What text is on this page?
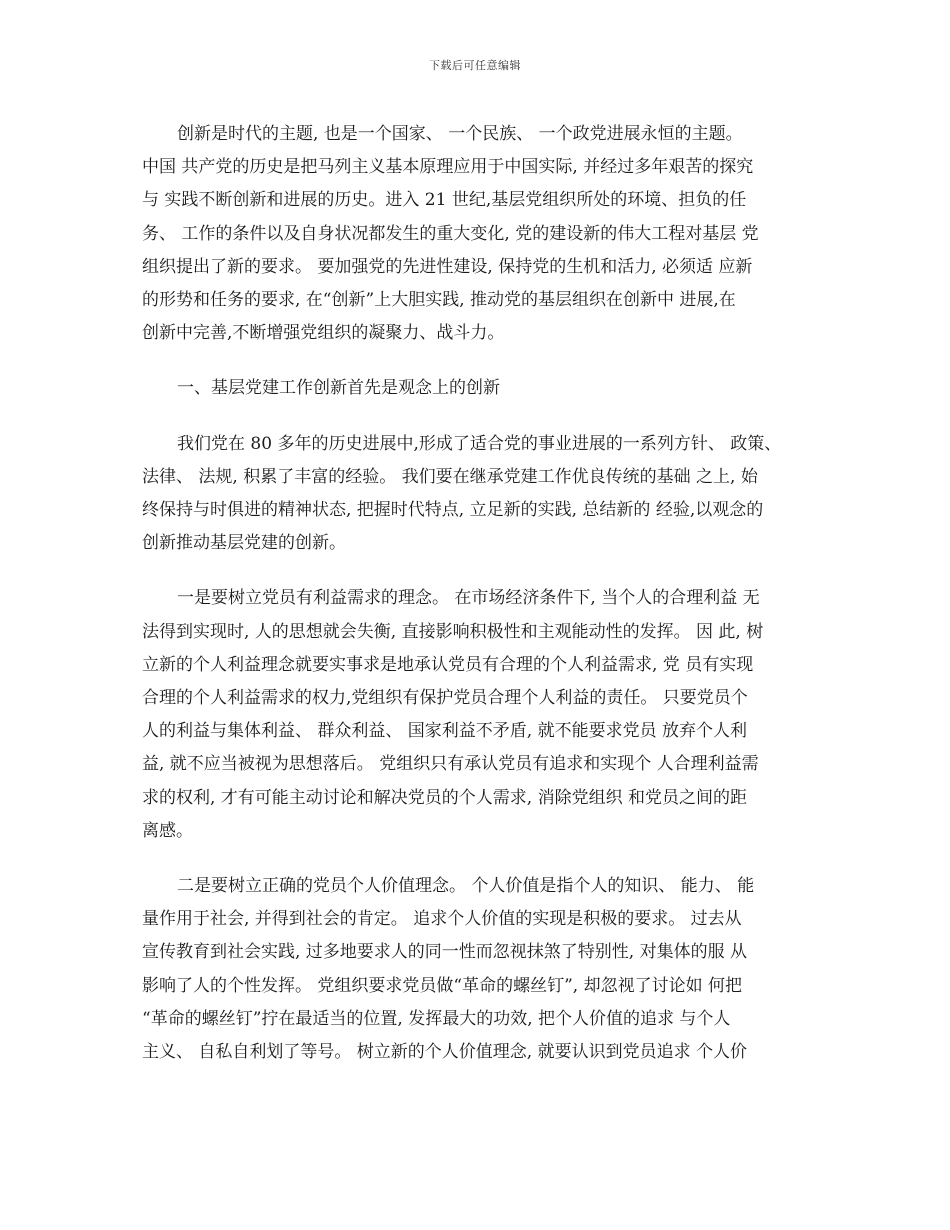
下载后可任意编辑

创新是时代的主题, 也是一个国家、 一个民族、 一个政党进展永恒的主题。
中国 共产党的历史是把马列主义基本原理应用于中国实际, 并经过多年艰苦的探究
与 实践不断创新和进展的历史。进入 21 世纪,基层党组织所处的环境、担负的任
务、 工作的条件以及自身状况都发生的重大变化, 党的建设新的伟大工程对基层 党
组织提出了新的要求。 要加强党的先进性建设, 保持党的生机和活力, 必须适 应新
的形势和任务的要求, 在“创新”上大胆实践, 推动党的基层组织在创新中 进展,在
创新中完善,不断增强党组织的凝聚力、战斗力。

一、基层党建工作创新首先是观念上的创新

我们党在 80 多年的历史进展中,形成了适合党的事业进展的一系列方针、 政策、
法律、 法规, 积累了丰富的经验。 我们要在继承党建工作优良传统的基础 之上, 始
终保持与时俱进的精神状态, 把握时代特点, 立足新的实践, 总结新的 经验,以观念的
创新推动基层党建的创新。

一是要树立党员有利益需求的理念。 在市场经济条件下, 当个人的合理利益 无
法得到实现时, 人的思想就会失衡, 直接影响积极性和主观能动性的发挥。 因 此, 树
立新的个人利益理念就要实事求是地承认党员有合理的个人利益需求, 党 员有实现
合理的个人利益需求的权力,党组织有保护党员合理个人利益的责任。 只要党员个
人的利益与集体利益、 群众利益、 国家利益不矛盾, 就不能要求党员 放弃个人利
益, 就不应当被视为思想落后。 党组织只有承认党员有追求和实现个 人合理利益需
求的权利, 才有可能主动讨论和解决党员的个人需求, 消除党组织 和党员之间的距
离感。

二是要树立正确的党员个人价值理念。 个人价值是指个人的知识、 能力、 能
量作用于社会, 并得到社会的肯定。 追求个人价值的实现是积极的要求。 过去从
宣传教育到社会实践, 过多地要求人的同一性而忽视抹煞了特别性, 对集体的服 从
影响了人的个性发挥。 党组织要求党员做“革命的螺丝钉”, 却忽视了讨论如 何把
“革命的螺丝钉”拧在最适当的位置, 发挥最大的功效, 把个人价值的追求 与个人
主义、 自私自利划了等号。 树立新的个人价值理念, 就要认识到党员追求 个人价
